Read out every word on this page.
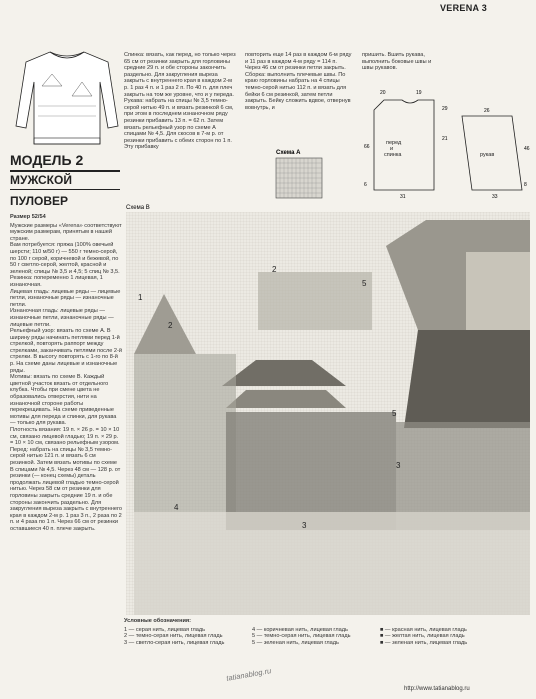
VERENA 3
МОДЕЛЬ 2
МУЖСКОЙ
ПУЛОВЕР
Размер 52/54
Мужские размеры «Verena» соответствуют мужским размерам, принятым в нашей стране.
Вам потребуется: пряжа (100% овечьей шерсти; 110 м/50 г) — 550 г темно-серой, по 100 г серой, коричневой и бежевой, по 50 г светло-серой, желтой, красной и зеленой; спицы № 3,5 и 4,5; 5 спиц № 3,5.
Резинка: попеременно 1 лицевая, 1 изнаночная.
Лицевая гладь: лицевые ряды — лицевые петли, изнаночные ряды — изнаночные петли.
Изнаночная гладь: лицевые ряды — изнаночные петли, изнаночные ряды — лицевые петли.
Рельефный узор: вязать по схеме А. В ширину ряды начинать петлями перед 1-й стрелкой, повторять раппорт между стрелками, заканчивать петлями после 2-й стрелки. В высоту повторять с 1-го по 8-й р. На схеме даны лицевые и изнаночные ряды.
Мотивы: вязать по схеме В. Каждый цветной участок вязать от отдельного клубка. Чтобы при смене цвета не образовались отверстия, нити на изнаночной стороне работы перекрещивать. На схеме приведенные мотивы для переда и спинки, для рукава — только для рукава.
Плотность вязания: 19 п. × 26 р. = 10 × 10 см, связано лицевой гладью; 19 п. × 29 р. = 10 × 10 см, связано рельефным узором.
Перед: набрать на спицы № 3,5 темно-серой нитью 121 п. и вязать 6 см резинкой. Затем вязать мотивы по схеме В спицами № 4,5. Через 48 см — 128 р. от резинки (— конец схемы) деталь продолжать лицевой гладью темно-серой нитью. Через 58 см от резинки для горловины закрыть средние 19 п. и обе стороны закончить раздельно. Для закругления выреза закрыть с внутреннего края в каждом 2-м р. 1 раз 3 п., 2 раза по 2 п. и 4 раза по 1 п. Через 66 см от резинки оставшиеся 40 п. плече закрыть.
Спинка: вязать, как перед, но только через 65 см от резинки закрыть для горловины средние 29 п. и обе стороны закончить раздельно. Для закругления выреза закрыть с внутреннего края в каждом 2-м р. 1 раз 4 п. и 1 раз 2 п. По 40 п. для плеч закрыть на том же уровне, что и у переда.
Рукава: набрать на спицы № 3,5 темно-серой нитью 49 п. и вязать резинкой 6 см, при этом в последнем изнаночном ряду резинки прибавить 13 п. = 62 п. Затем вязать рельефный узор по схеме А спицами № 4,5. Для скосов в 7-м р. от резинки прибавить с обеих сторон по 1 п. Эту прибавку
повторить еще 14 раз в каждом 6-м ряду и 11 раз в каждом 4-м ряду = 114 п. Через 46 см от резинки петли закрыть.
Сборка: выполнить плечевые швы. По краю горловины набрать на 4 спицы темно-серой нитью 112 п. и вязать для бейки 6 см резинкой, затем петли закрыть. Бейку сложить вдвое, отвернув вовнутрь, и
пришить. Вшить рукава, выполнить боковые швы и швы рукавов.
перед
и
спинка	рукав
20	19
66
6
29
21
31
26
8
33
46
Схема А
Схема В
1
2
3
4
5
2
3
5
Условные обозначения:
1 — серая нить, лицевая гладь
2 — темно-серая нить, лицевая гладь
3 — светло-серая нить, лицевая гладь
4 — коричневая нить, лицевая гладь
5 — темно-серая нить, лицевая гладь
5 — зеленая нить, лицевая гладь
■ — красная нить, лицевая гладь
■ — желтая нить, лицевая гладь
■ — зеленая нить, лицевая гладь
tatianablog.ru
http://www.tatianablog.ru
